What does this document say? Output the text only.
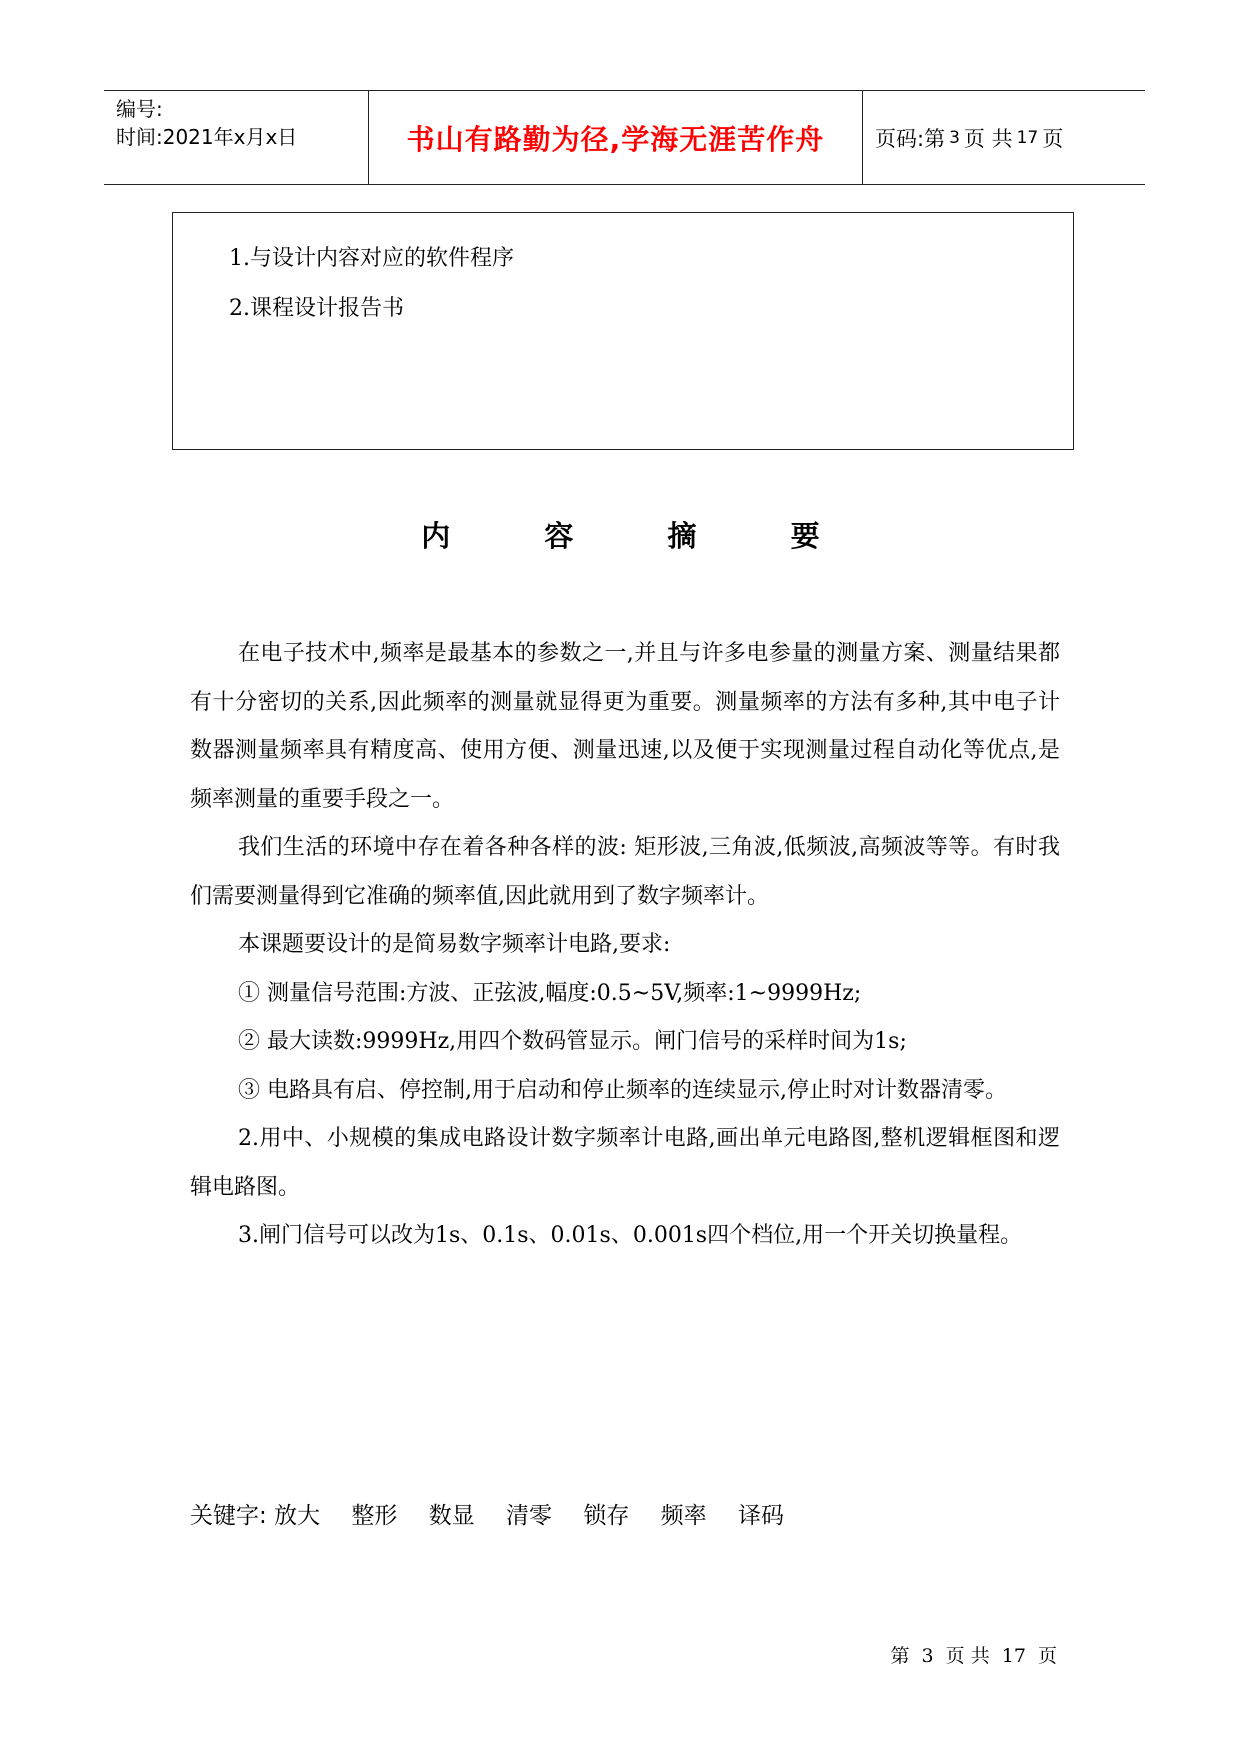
编号:
时间:2021年x月x日	书山有路勤为径,学海无涯苦作舟 页码:第 3 页 共 17 页
1.与设计内容对应的软件程序
2.课程设计报告书
内	容	摘	要

在电子技术中,频率是最基本的参数之一,并且与许多电参量的测量方案、测量结果都有十分密切的关系,因此频率的测量就显得更为重要。测量频率的方法有多种,其中电子计数器测量频率具有精度高、使用方便、测量迅速,以及便于实现测量过程自动化等优点,是频率测量的重要手段之一。

我们生活的环境中存在着各种各样的波: 矩形波,三角波,低频波,高频波等等。有时我们需要测量得到它准确的频率值,因此就用到了数字频率计。

本课题要设计的是简易数字频率计电路,要求:

① 测量信号范围:方波、正弦波,幅度:0.5~5V,频率:1~9999Hz;

② 最大读数:9999Hz,用四个数码管显示。闸门信号的采样时间为1s;

③ 电路具有启、停控制,用于启动和停止频率的连续显示,停止时对计数器清零。

2.用中、小规模的集成电路设计数字频率计电路,画出单元电路图,整机逻辑框图和逻辑电路图。

3.闸门信号可以改为1s、0.1s、0.01s、0.001s四个档位,用一个开关切换量程。

关键字: 放大 整形 数显 清零 锁存 频率 译码
第 3 页 共 17 页
